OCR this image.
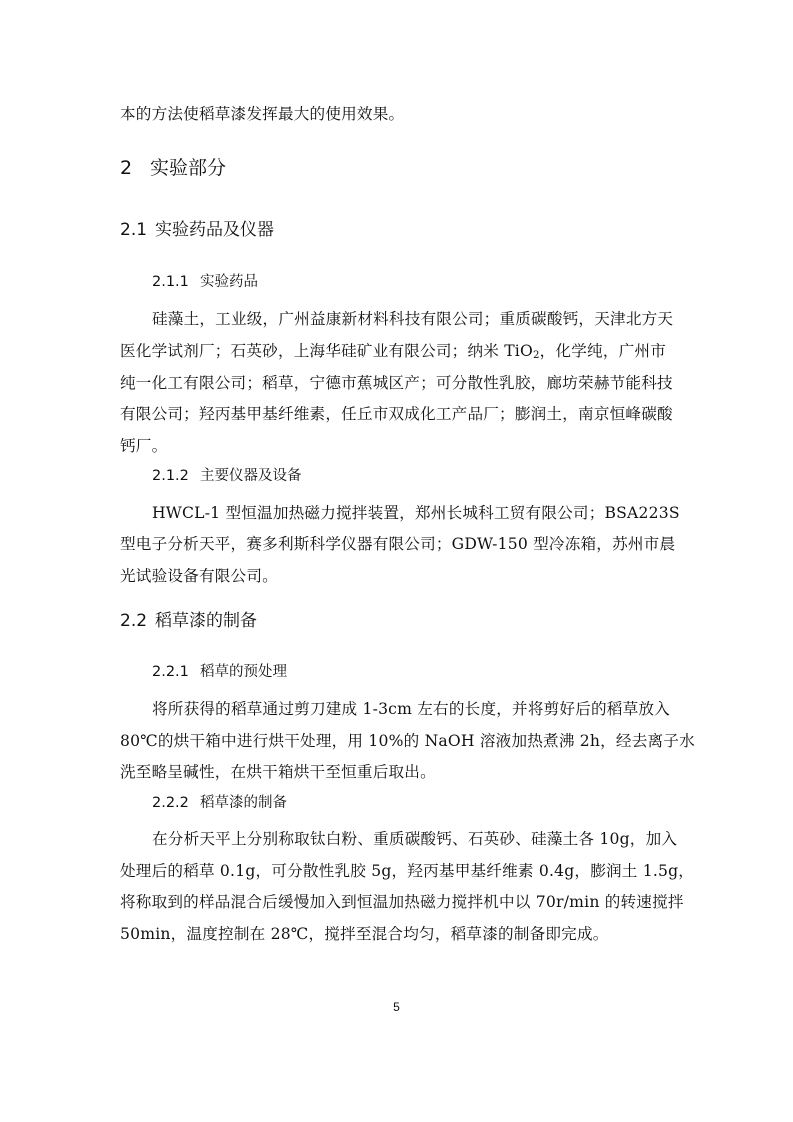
本的方法使稻草漆发挥最大的使用效果。
2 实验部分
2.1 实验药品及仪器
2.1.1 实验药品
硅藻土，工业级，广州益康新材料科技有限公司；重质碳酸钙，天津北方天
医化学试剂厂；石英砂，上海华硅矿业有限公司；纳米 TiO$_2$，化学纯，广州市
纯一化工有限公司；稻草，宁德市蕉城区产；可分散性乳胶，廊坊荣赫节能科技
有限公司；羟丙基甲基纤维素，任丘市双成化工产品厂；膨润土，南京恒峰碳酸
钙厂。
2.1.2 主要仪器及设备
HWCL-1 型恒温加热磁力搅拌装置，郑州长城科工贸有限公司；BSA223S
型电子分析天平，赛多利斯科学仪器有限公司；GDW-150 型冷冻箱，苏州市晨
光试验设备有限公司。
2.2 稻草漆的制备
2.2.1 稻草的预处理
将所获得的稻草通过剪刀建成 1-3cm 左右的长度，并将剪好后的稻草放入
80℃的烘干箱中进行烘干处理，用 10%的 NaOH 溶液加热煮沸 2h，经去离子水
洗至略呈碱性，在烘干箱烘干至恒重后取出。
2.2.2 稻草漆的制备
在分析天平上分别称取钛白粉、重质碳酸钙、石英砂、硅藻土各 10g，加入
处理后的稻草 0.1g，可分散性乳胶 5g，羟丙基甲基纤维素 0.4g，膨润土 1.5g，
将称取到的样品混合后缓慢加入到恒温加热磁力搅拌机中以 70r/min 的转速搅拌
50min，温度控制在 28℃，搅拌至混合均匀，稻草漆的制备即完成。
5
